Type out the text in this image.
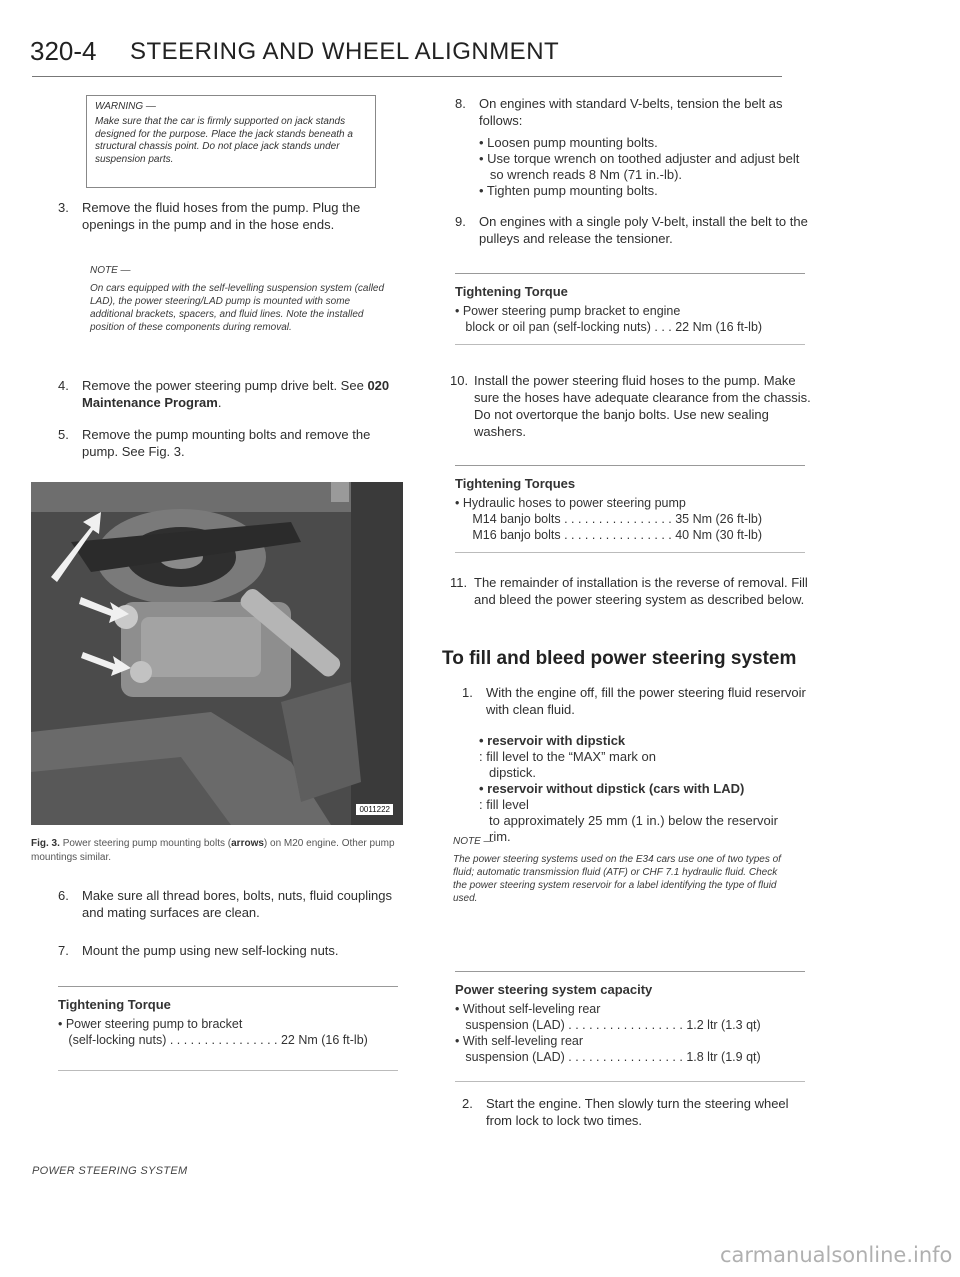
320-4 STEERING AND WHEEL ALIGNMENT
WARNING —

Make sure that the car is firmly supported on jack stands designed for the purpose. Place the jack stands beneath a structural chassis point. Do not place jack stands under suspension parts.

3.	Remove the fluid hoses from the pump. Plug the openings in the pump and in the hose ends.
NOTE —
On cars equipped with the self-levelling suspension system (called LAD), the power steering/LAD pump is mounted with some additional brackets, spacers, and fluid lines. Note the installed position of these components during removal.
4.	Remove the power steering pump drive belt. See 020 Maintenance Program.
5.	Remove the pump mounting bolts and remove the pump. See Fig. 3.
0011222
Fig. 3. Power steering pump mounting bolts (arrows) on M20 engine. Other pump mountings similar.
6.	Make sure all thread bores, bolts, nuts, fluid couplings and mating surfaces are clean.
7.	Mount the pump using new self-locking nuts.
Tightening Torque
• Power steering pump to bracket
(self-locking nuts) . . . . . . . . . . . . . . . . 22 Nm (16 ft-lb)
POWER STEERING SYSTEM
8.	On engines with standard V-belts, tension the belt as follows:
• Loosen pump mounting bolts.
• Use torque wrench on toothed adjuster and adjust belt
so wrench reads 8 Nm (71 in.-lb).
• Tighten pump mounting bolts.
9.	On engines with a single poly V-belt, install the belt to the pulleys and release the tensioner.
Tightening Torque
• Power steering pump bracket to engine
block or oil pan (self-locking nuts) . . . 22 Nm (16 ft-lb)
10. Install the power steering fluid hoses to the pump. Make sure the hoses have adequate clearance from the chassis. Do not overtorque the banjo bolts. Use new sealing washers.
Tightening Torques
• Hydraulic hoses to power steering pump
M14 banjo bolts . . . . . . . . . . . . . . . . 35 Nm (26 ft-lb)
M16 banjo bolts . . . . . . . . . . . . . . . . 40 Nm (30 ft-lb)
11. The remainder of installation is the reverse of removal. Fill and bleed the power steering system as described below.
To fill and bleed power steering system
1.	With the engine off, fill the power steering fluid reservoir with clean fluid.
• reservoir with dipstick
: fill level to the “MAX” mark on
dipstick.
• reservoir without dipstick (cars with LAD)
: fill level
to approximately 25 mm (1 in.) below the reservoir
rim.
NOTE —
The power steering systems used on the E34 cars use one of two types of fluid; automatic transmission fluid (ATF) or CHF 7.1 hydraulic fluid. Check the power steering system reservoir for a label identifying the type of fluid used.
Power steering system capacity
• Without self-leveling rear
suspension (LAD) . . . . . . . . . . . . . . . . . 1.2 ltr (1.3 qt)
• With self-leveling rear
suspension (LAD) . . . . . . . . . . . . . . . . . 1.8 ltr (1.9 qt)
2.	Start the engine. Then slowly turn the steering wheel from lock to lock two times.
carmanualsonline.info
